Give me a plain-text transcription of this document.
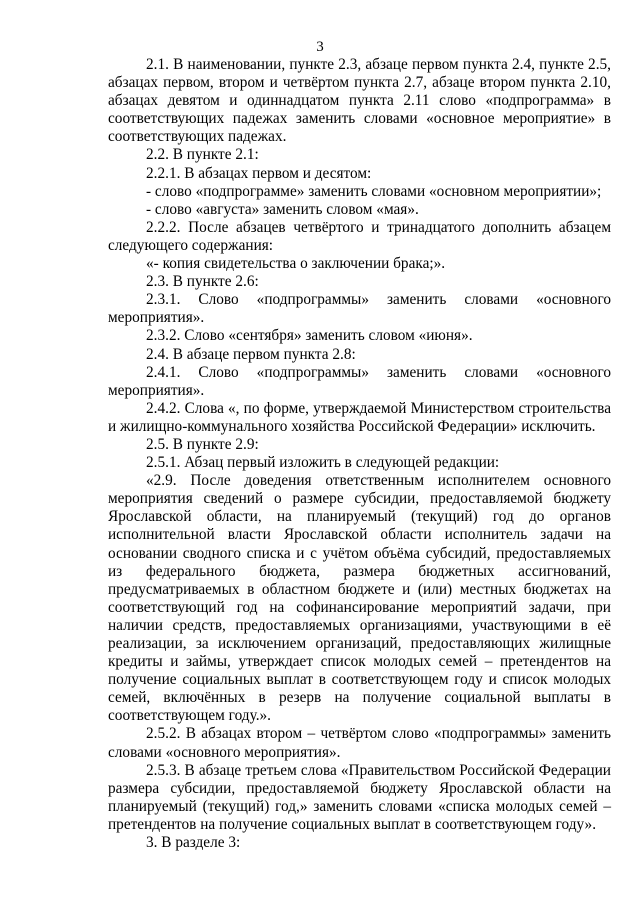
3

2.1. В наименовании, пункте 2.3, абзаце первом пункта 2.4, пункте 2.5, абзацах первом, втором и четвёртом пункта 2.7, абзаце втором пункта 2.10, абзацах девятом и одиннадцатом пункта 2.11 слово «подпрограмма» в соответствующих падежах заменить словами «основное мероприятие» в соответствующих падежах.

2.2. В пункте 2.1:

2.2.1. В абзацах первом и десятом:

- слово «подпрограмме» заменить словами «основном мероприятии»;

- слово «августа» заменить словом «мая».

2.2.2. После абзацев четвёртого и тринадцатого дополнить абзацем следующего содержания:

«- копия свидетельства о заключении брака;».

2.3. В пункте 2.6:

2.3.1. Слово «подпрограммы» заменить словами «основного мероприятия».

2.3.2. Слово «сентября» заменить словом «июня».

2.4. В абзаце первом пункта 2.8:

2.4.1. Слово «подпрограммы» заменить словами «основного мероприятия».

2.4.2. Слова «, по форме, утверждаемой Министерством строительства и жилищно-коммунального хозяйства Российской Федерации» исключить.

2.5. В пункте 2.9:

2.5.1. Абзац первый изложить в следующей редакции:

«2.9. После доведения ответственным исполнителем основного мероприятия сведений о размере субсидии, предоставляемой бюджету Ярославской области, на планируемый (текущий) год до органов исполнительной власти Ярославской области исполнитель задачи на основании сводного списка и с учётом объёма субсидий, предоставляемых из федерального бюджета, размера бюджетных ассигнований, предусматриваемых в областном бюджете и (или) местных бюджетах на соответствующий год на софинансирование мероприятий задачи, при наличии средств, предоставляемых организациями, участвующими в её реализации, за исключением организаций, предоставляющих жилищные кредиты и займы, утверждает список молодых семей – претендентов на получение социальных выплат в соответствующем году и список молодых семей, включённых в резерв на получение социальной выплаты в соответствующем году.».

2.5.2. В абзацах втором – четвёртом слово «подпрограммы» заменить словами «основного мероприятия».

2.5.3. В абзаце третьем слова «Правительством Российской Федерации размера субсидии, предоставляемой бюджету Ярославской области на планируемый (текущий) год,» заменить словами «списка молодых семей – претендентов на получение социальных выплат в соответствующем году».

3. В разделе 3:
